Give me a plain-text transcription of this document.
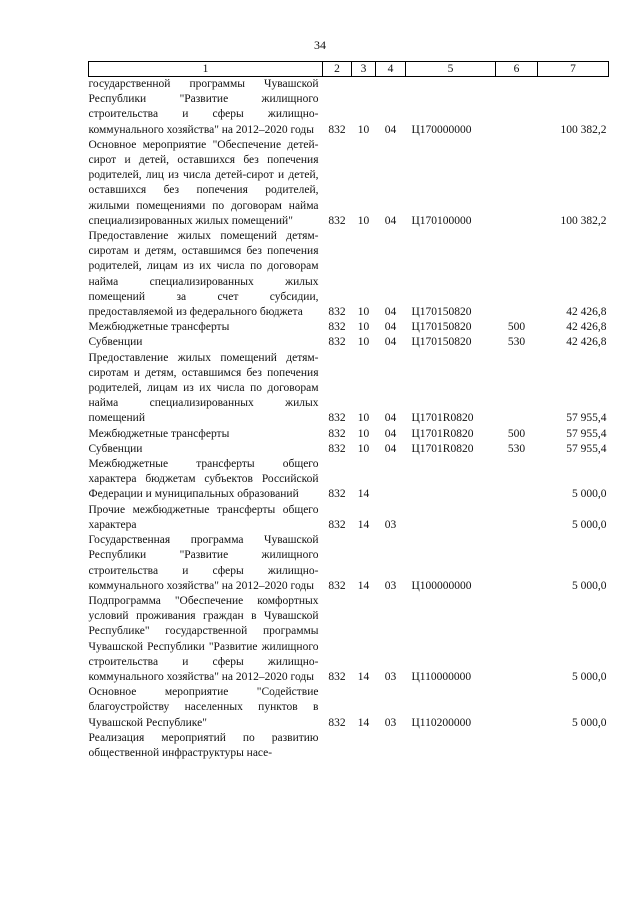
34
1	2	3	4	5	6	7
государственной программы Чувашской Республики "Развитие жилищного строительства и сферы жилищно-коммунального хозяйства" на 2012–2020 годы	832	10	04	Ц170000000		100 382,2
Основное мероприятие "Обеспечение детей-сирот и детей, оставшихся без попечения родителей, лиц из числа детей-сирот и детей, оставшихся без попечения родителей, жилыми помещениями по договорам найма специализированных жилых помещений"	832	10	04	Ц170100000		100 382,2
Предоставление жилых помещений детям-сиротам и детям, оставшимся без попечения родителей, лицам из их числа по договорам найма специализированных жилых помещений за счет субсидии, предоставляемой из федерального бюджета	832	10	04	Ц170150820		42 426,8
Межбюджетные трансферты	832	10	04	Ц170150820	500	42 426,8
Субвенции	832	10	04	Ц170150820	530	42 426,8
Предоставление жилых помещений детям-сиротам и детям, оставшимся без попечения родителей, лицам из их числа по договорам найма специализированных жилых помещений	832	10	04	Ц1701R0820		57 955,4
Межбюджетные трансферты	832	10	04	Ц1701R0820	500	57 955,4
Субвенции	832	10	04	Ц1701R0820	530	57 955,4
Межбюджетные трансферты общего характера бюджетам субъектов Российской Федерации и муниципальных образований	832	14				5 000,0
Прочие межбюджетные трансферты общего характера	832	14	03			5 000,0
Государственная программа Чувашской Республики "Развитие жилищного строительства и сферы жилищно-коммунального хозяйства" на 2012–2020 годы	832	14	03	Ц100000000		5 000,0
Подпрограмма "Обеспечение комфортных условий проживания граждан в Чувашской Республике" государственной программы Чувашской Республики "Развитие жилищного строительства и сферы жилищно-коммунального хозяйства" на 2012–2020 годы	832	14	03	Ц110000000		5 000,0
Основное мероприятие "Содействие благоустройству населенных пунктов в Чувашской Республике"	832	14	03	Ц110200000		5 000,0
Реализация мероприятий по развитию общественной инфраструктуры насе-						
